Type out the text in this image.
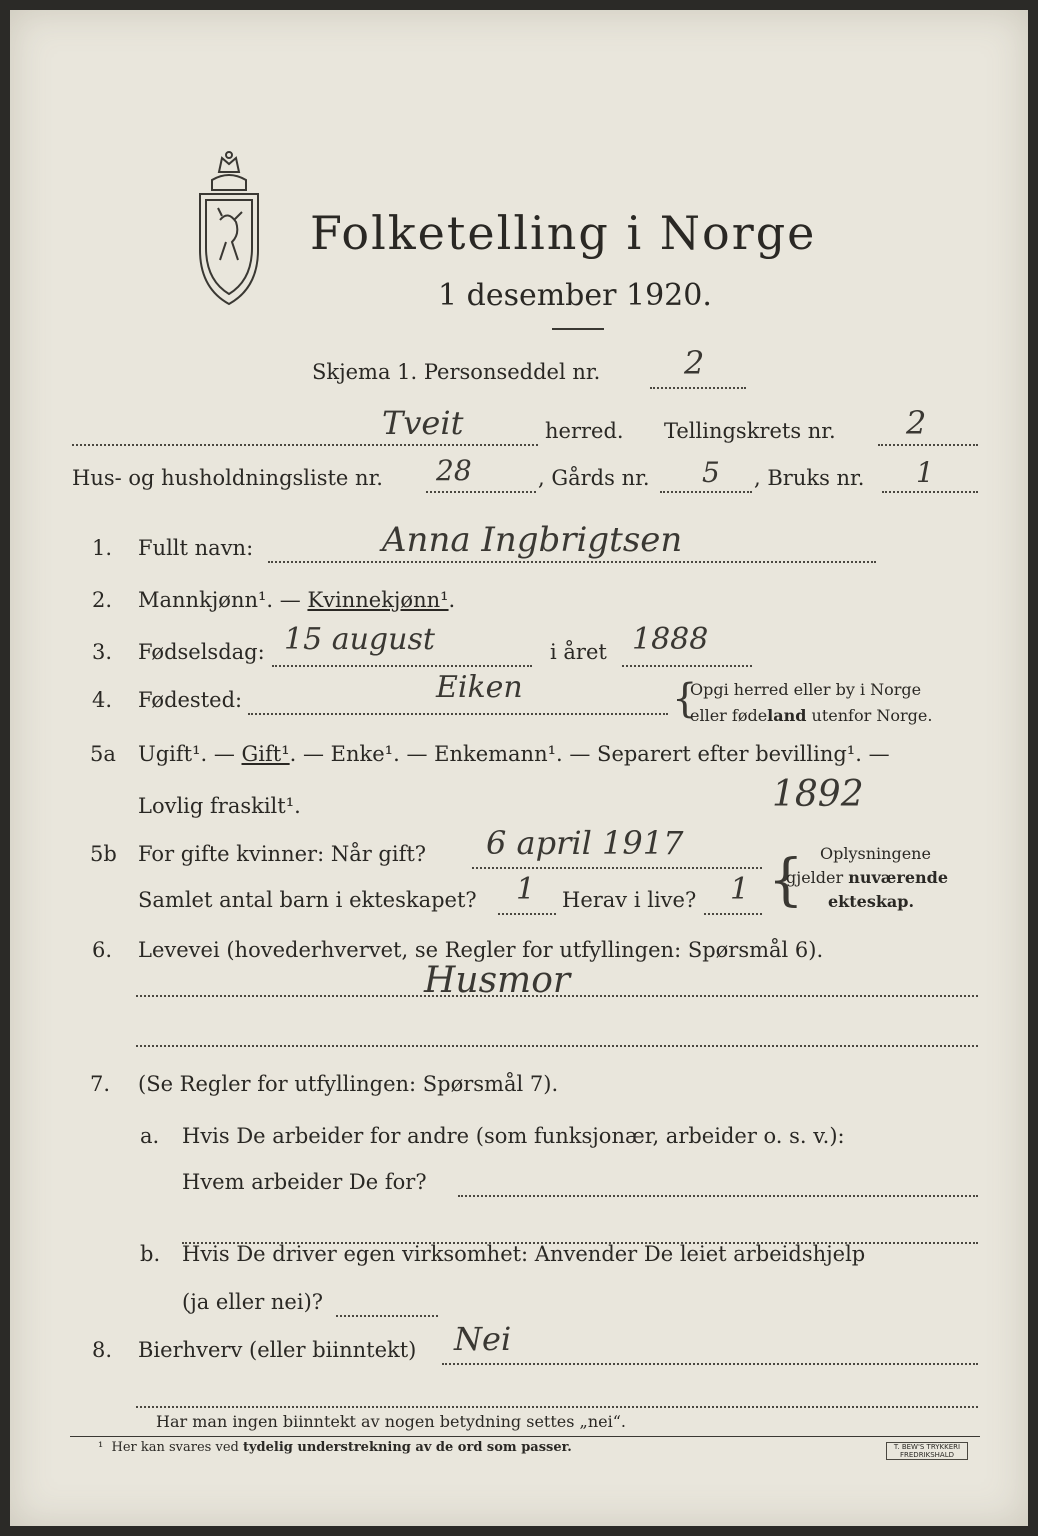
Folketelling i Norge
1 desember 1920.
Skjema 1. Personseddel nr.	2
Tveit	herred. Tellingskrets nr. 2
Hus- og husholdningsliste nr. 28	, Gårds nr. 5 , Bruks nr. 1
1. Fullt navn:	Anna Ingbrigtsen
2. Mannkjønn¹. — Kvinnekjønn¹.
3. Fødselsdag: 15 august	i året 1888
4. Fødested:	Eiken	{
Opgi herred eller by i Norge
eller fødeland utenfor Norge.
5a Ugift¹. — Gift¹. — Enke¹. — Enkemann¹. — Separert efter bevilling¹. —
Lovlig fraskilt¹.	1892
5b For gifte kvinner: Når gift? 6 april 1917
Samlet antal barn i ekteskapet? 1 Herav i live? 1 { Oplysningene
gjelder nuværende
ekteskap.
6. Levevei (hovederhvervet, se Regler for utfyllingen: Spørsmål 6).
Husmor
7. (Se Regler for utfyllingen: Spørsmål 7).
a. Hvis De arbeider for andre (som funksjonær, arbeider o. s. v.):
Hvem arbeider De for?
b. Hvis De driver egen virksomhet: Anvender De leiet arbeidshjelp
(ja eller nei)?
8. Bierhverv (eller biinntekt) Nei
Har man ingen biinntekt av nogen betydning settes „nei“.
¹ Her kan svares ved tydelig understrekning av de ord som passer.	T. BEW'S TRYKKERI
FREDRIKSHALD
